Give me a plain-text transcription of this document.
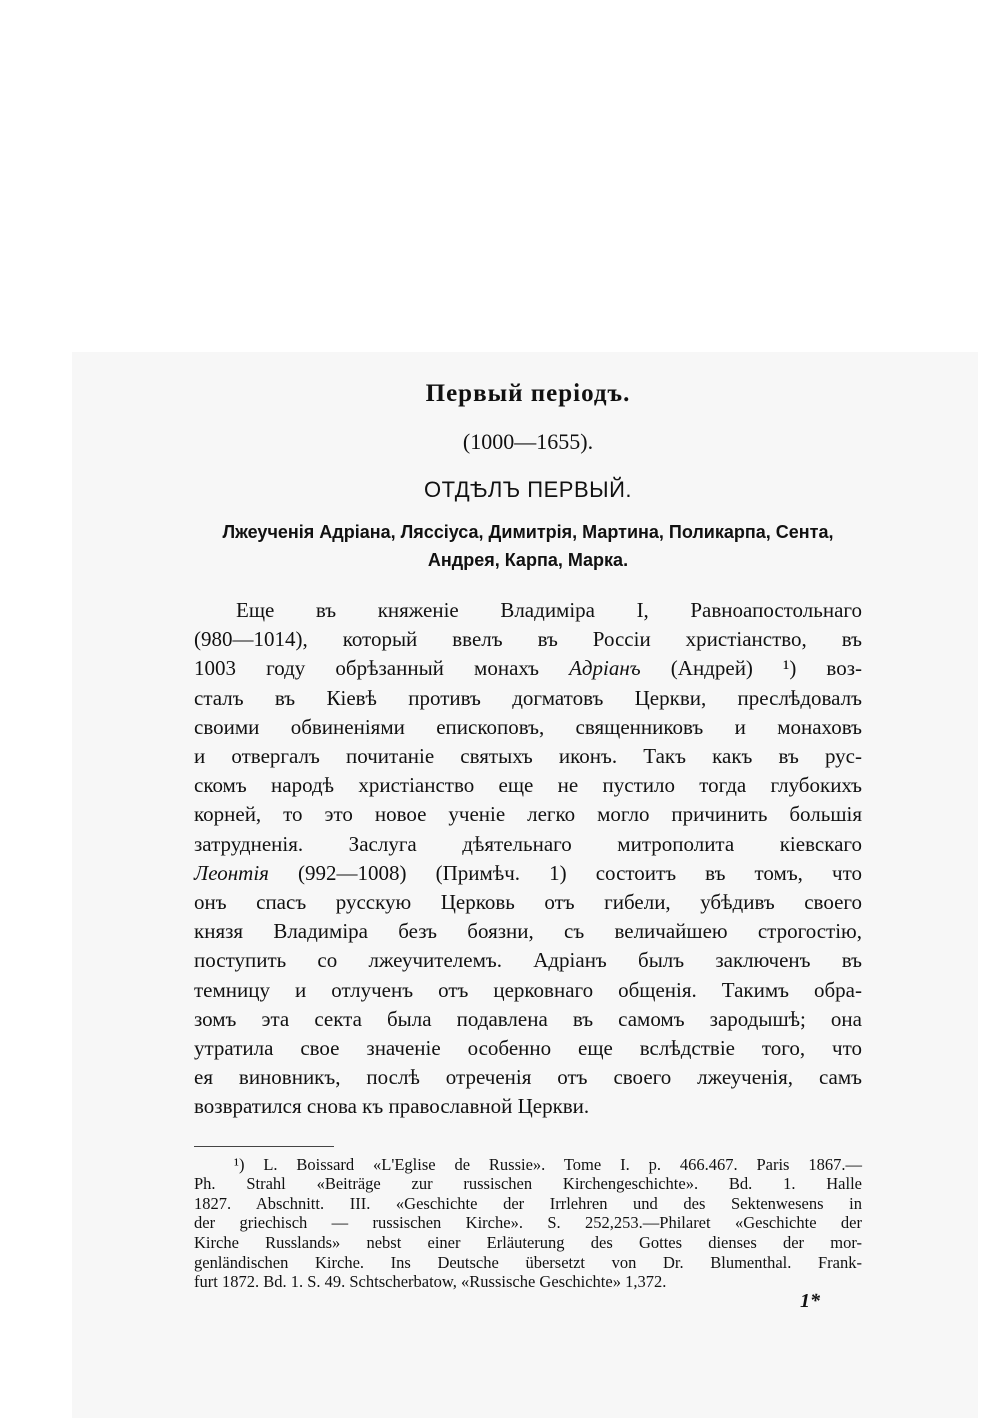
Первый періодъ.
(1000—1655).
ОТДѢЛЪ ПЕРВЫЙ.
Лжеученія Адріана, Ляссіуса, Димитрія, Мартина, Поликарпа, Сента,
Андрея, Карпа, Марка.
Еще въ княженіе Владиміра I, Равноапостольнаго
(980—1014), который ввелъ въ Россіи христіанство, въ
1003 году обрѣзанный монахъ Адріанъ (Андрей) ¹) воз-
сталъ въ Кіевѣ противъ догматовъ Церкви, преслѣдовалъ
своими обвиненіями епископовъ, священниковъ и монаховъ
и отвергалъ почитаніе святыхъ иконъ. Такъ какъ въ рус-
скомъ народѣ христіанство еще не пустило тогда глубокихъ
корней, то это новое ученіе легко могло причинить большія
затрудненія. Заслуга дѣятельнаго митрополита кіевскаго
Леонтія (992—1008) (Примѣч. 1) состоитъ въ томъ, что
онъ спасъ русскую Церковь отъ гибели, убѣдивъ своего
князя Владиміра безъ боязни, съ величайшею строгостію,
поступить со лжеучителемъ. Адріанъ былъ заключенъ въ
темницу и отлученъ отъ церковнаго общенія. Такимъ обра-
зомъ эта секта была подавлена въ самомъ зародышѣ; она
утратила свое значеніе особенно еще вслѣдствіе того, что
ея виновникъ, послѣ отреченія отъ своего лжеученія, самъ
возвратился снова къ православной Церкви.
¹) L. Boissard «L'Eglise de Russie». Tome I. p. 466.467. Paris 1867.—
Ph. Strahl «Beiträge zur russischen Kirchengeschichte». Bd. 1. Halle
1827. Abschnitt. III. «Geschichte der Irrlehren und des Sektenwesens in
der griechisch — russischen Kirche». S. 252,253.—Philaret «Geschichte der
Kirche Russlands» nebst einer Erläuterung des Gottes dienses der mor-
genländischen Kirche. Ins Deutsche übersetzt von Dr. Blumenthal. Frank-
furt 1872. Bd. 1. S. 49. Schtscherbatow, «Russische Geschichte» 1,372.
1*
